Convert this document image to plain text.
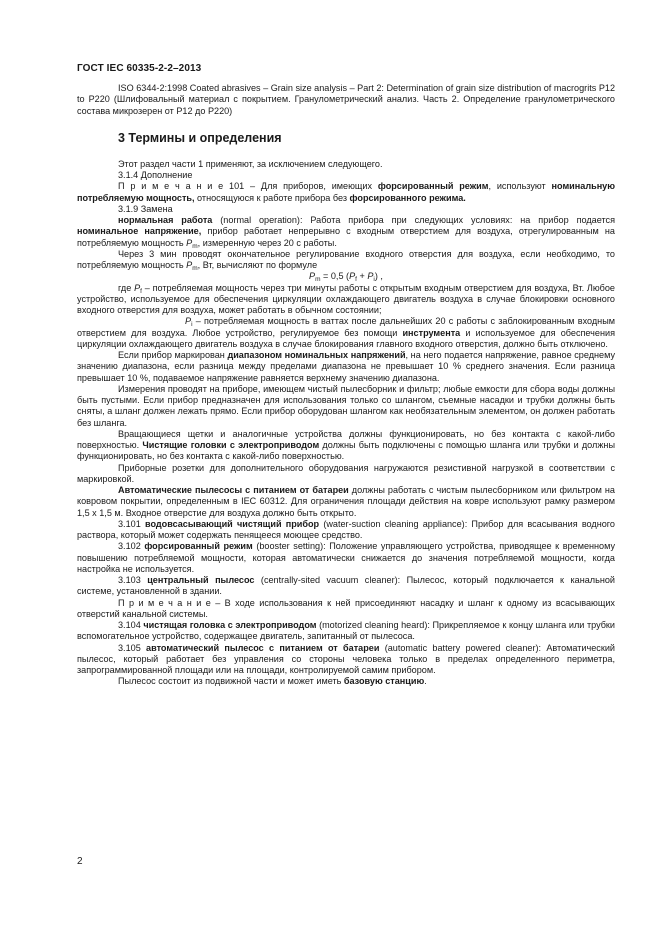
ГОСТ IEC 60335-2-2–2013

ISO 6344-2:1998 Coated abrasives – Grain size analysis – Part 2: Determination of grain size distribution of macrogrits P12 to P220 (Шлифовальный материал с покрытием. Гранулометрический анализ. Часть 2. Определение гранулометрического состава микрозерен от P12 до P220)

3 Термины и определения

Этот раздел части 1 применяют, за исключением следующего.

3.1.4 Дополнение

П р и м е ч а н и е 101 – Для приборов, имеющих форсированный режим, используют номинальную потребляемую мощность, относящуюся к работе прибора без форсированного режима.

3.1.9 Замена

нормальная работа (normal operation): Работа прибора при следующих условиях: на прибор подается номинальное напряжение, прибор работает непрерывно с входным отверстием для воздуха, отрегулированным на потребляемую мощность $P_m$, измеренную через 20 с работы.

Через 3 мин проводят окончательное регулирование входного отверстия для воздуха, если необходимо, то потребляемую мощность $P_m$, Вт, вычисляют по формуле

$P_m = 0,5$ $(P_f + P_i)$ ,

где $P_f$ – потребляемая мощность через три минуты работы с открытым входным отверстием для воздуха, Вт. Любое устройство, используемое для обеспечения циркуляции охлаждающего двигатель воздуха в случае блокировки основного входного отверстия для воздуха, может работать в обычном состоянии;

$P_i$ – потребляемая мощность в ваттах после дальнейших 20 с работы с заблокированным входным отверстием для воздуха. Любое устройство, регулируемое без помощи инструмента и используемое для обеспечения циркуляции охлаждающего двигатель воздуха в случае блокирования главного входного отверстия, должно быть отключено.

Если прибор маркирован диапазоном номинальных напряжений, на него подается напряжение, равное среднему значению диапазона, если разница между пределами диапазона не превышает 10 % среднего значения. Если разница превышает 10 %, подаваемое напряжение равняется верхнему значению диапазона.

Измерения проводят на приборе, имеющем чистый пылесборник и фильтр; любые емкости для сбора воды должны быть пустыми. Если прибор предназначен для использования только со шлангом, съемные насадки и трубки должны быть сняты, а шланг должен лежать прямо. Если прибор оборудован шлангом как необязательным элементом, он должен работать без шланга.

Вращающиеся щетки и аналогичные устройства должны функционировать, но без контакта с какой-либо поверхностью. Чистящие головки с электроприводом должны быть подключены с помощью шланга или трубки и должны функционировать, но без контакта с какой-либо поверхностью.

Приборные розетки для дополнительного оборудования нагружаются резистивной нагрузкой в соответствии с маркировкой.

Автоматические пылесосы с питанием от батареи должны работать с чистым пылесборником или фильтром на ковровом покрытии, определенным в IEC 60312. Для ограничения площади действия на ковре используют рамку размером 1,5 х 1,5 м. Входное отверстие для воздуха должно быть открыто.

3.101 водовсасывающий чистящий прибор (water-suction cleaning appliance): Прибор для всасывания водного раствора, который может содержать пенящееся моющее средство.

3.102 форсированный режим (booster setting): Положение управляющего устройства, приводящее к временному повышению потребляемой мощности, которая автоматически снижается до значения потребляемой мощности, когда настройка не используется.

3.103 центральный пылесос (centrally-sited vacuum cleaner): Пылесос, который подключается к канальной системе, установленной в здании.

П р и м е ч а н и е – В ходе использования к ней присоединяют насадку и шланг к одному из всасывающих отверстий канальной системы.

3.104 чистящая головка с электроприводом (motorized cleaning heard): Прикрепляемое к концу шланга или трубки вспомогательное устройство, содержащее двигатель, запитанный от пылесоса.

3.105 автоматический пылесос с питанием от батареи (automatic battery powered cleaner): Автоматический пылесос, который работает без управления со стороны человека только в пределах определенного периметра, запрограммированной площади или на площади, контролируемой самим прибором.

Пылесос состоит из подвижной части и может иметь базовую станцию.

2
